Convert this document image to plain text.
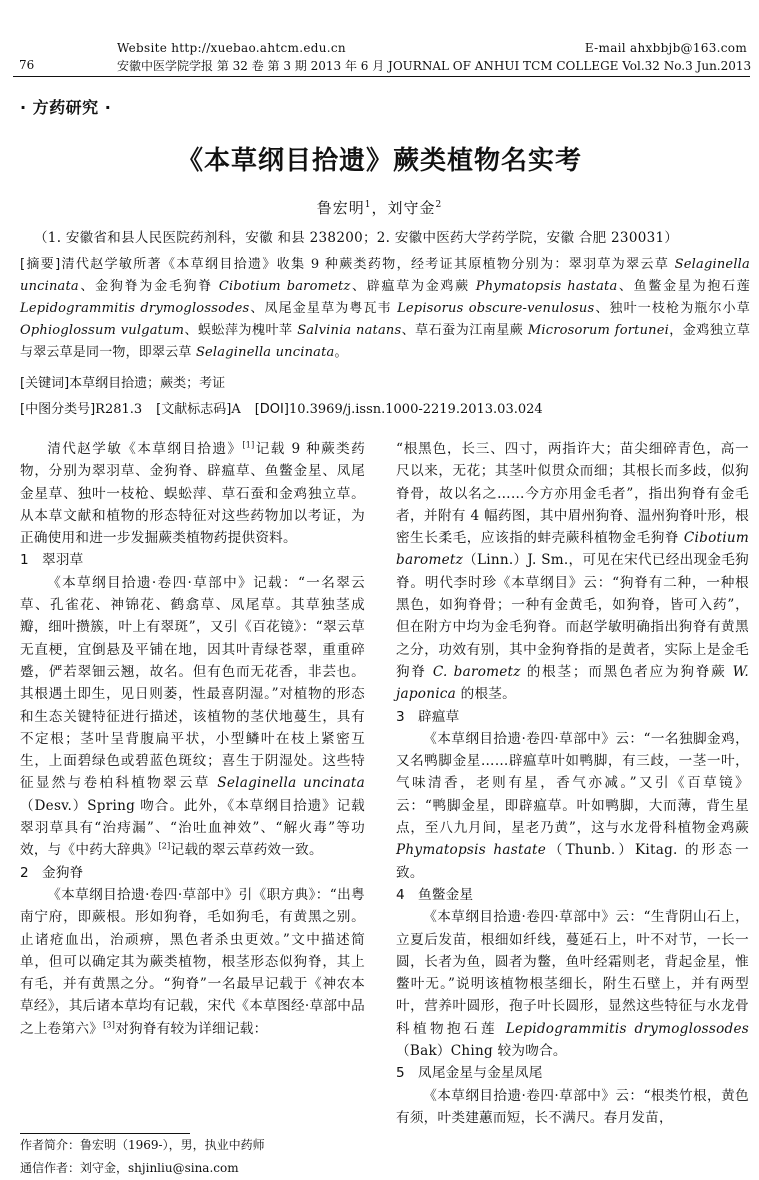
Website http://xuebao.ahtcm.edu.cn	E-mail ahxbbjb@163.com
76	安徽中医学院学报 第 32 卷 第 3 期 2013 年 6 月 JOURNAL OF ANHUI TCM COLLEGE Vol.32 No.3 Jun.2013
· 方药研究 ·
《本草纲目拾遗》蕨类植物名实考
鲁宏明$^1$，刘守金$^2$
（1. 安徽省和县人民医院药剂科，安徽 和县 238200；2. 安徽中医药大学药学院，安徽 合肥 230031）
[摘要]清代赵学敏所著《本草纲目拾遗》收集 9 种蕨类药物，经考证其原植物分别为：翠羽草为翠云草 Selaginella uncinata、金狗脊为金毛狗脊 Cibotium barometz、辟瘟草为金鸡蕨 Phymatopsis hastata、鱼鳖金星为抱石莲 Lepidogrammitis drymoglossodes、凤尾金星草为粤瓦韦 Lepisorus obscure-venulosus、独叶一枝枪为瓶尔小草 Ophioglossum vulgatum、蜈蚣萍为槐叶苹 Salvinia natans、草石蚕为江南星蕨 Microsorum fortunei，金鸡独立草与翠云草是同一物，即翠云草 Selaginella uncinata。
[关键词]本草纲目拾遗；蕨类；考证
[中图分类号]R281.3 [文献标志码]A [DOI]10.3969/j.issn.1000-2219.2013.03.024

清代赵学敏《本草纲目拾遗》[1]记载 9 种蕨类药物，分别为翠羽草、金狗脊、辟瘟草、鱼鳖金星、凤尾金星草、独叶一枝枪、蜈蚣萍、草石蚕和金鸡独立草。从本草文献和植物的形态特征对这些药物加以考证，为正确使用和进一步发掘蕨类植物药提供资料。

1 翠羽草

《本草纲目拾遗·卷四·草部中》记载：“一名翠云草、孔雀花、神锦花、鹤翕草、凤尾草。其草独茎成瓣，细叶攒簇，叶上有翠斑”，又引《百花镜》：“翠云草无直梗，宜倒悬及平铺在地，因其叶青绿苍翠，重重碎蹙，俨若翠钿云翘，故名。但有色而无花香，非芸也。其根遇土即生，见日则萎，性最喜阴湿。”对植物的形态和生态关键特征进行描述，该植物的茎伏地蔓生，具有不定根；茎叶呈背腹扁平状，小型鳞叶在枝上紧密互生，上面碧绿色或碧蓝色斑纹；喜生于阴湿处。这些特征显然与卷柏科植物翠云草 Selaginella uncinata（Desv.）Spring 吻合。此外，《本草纲目拾遗》记载翠羽草具有“治痔漏”、“治吐血神效”、“解火毒”等功效，与《中药大辞典》[2]记载的翠云草药效一致。

2 金狗脊

《本草纲目拾遗·卷四·草部中》引《职方典》：“出粤南宁府，即蕨根。形如狗脊，毛如狗毛，有黄黑之别。止诸疮血出，治顽痹，黑色者杀虫更效。”文中描述简单，但可以确定其为蕨类植物，根茎形态似狗脊，其上有毛，并有黄黑之分。“狗脊”一名最早记载于《神农本草经》，其后诸本草均有记载，宋代《本草图经·草部中品之上卷第六》[3]对狗脊有较为详细记载：

“根黑色，长三、四寸，两指许大；苗尖细碎青色，高一尺以来，无花；其茎叶似贯众而细；其根长而多歧，似狗脊骨，故以名之……今方亦用金毛者”，指出狗脊有金毛者，并附有 4 幅药图，其中眉州狗脊、温州狗脊叶形，根密生长柔毛，应该指的蚌壳蕨科植物金毛狗脊 Cibotium barometz（Linn.）J. Sm.，可见在宋代已经出现金毛狗脊。明代李时珍《本草纲目》云：“狗脊有二种，一种根黑色，如狗脊骨；一种有金黄毛，如狗脊，皆可入药”，但在附方中均为金毛狗脊。而赵学敏明确指出狗脊有黄黑之分，功效有别，其中金狗脊指的是黄者，实际上是金毛狗脊 C. barometz 的根茎；而黑色者应为狗脊蕨 W. japonica 的根茎。

3 辟瘟草

《本草纲目拾遗·卷四·草部中》云：“一名独脚金鸡，又名鸭脚金星……辟瘟草叶如鸭脚，有三歧，一茎一叶，气味清香，老则有星，香气亦减。”又引《百草镜》云：“鸭脚金星，即辟瘟草。叶如鸭脚，大而薄，背生星点，至八九月间，星老乃黄”，这与水龙骨科植物金鸡蕨 Phymatopsis hastate（Thunb.）Kitag. 的形态一致。

4 鱼鳖金星

《本草纲目拾遗·卷四·草部中》云：“生背阴山石上，立夏后发苗，根细如纤线，蔓延石上，叶不对节，一长一圆，长者为鱼，圆者为鳖，鱼叶经霜则老，背起金星，惟鳖叶无。”说明该植物根茎细长，附生石壁上，并有两型叶，营养叶圆形，孢子叶长圆形，显然这些特征与水龙骨科植物抱石莲 Lepidogrammitis drymoglossodes（Bak）Ching 较为吻合。

5 凤尾金星与金星凤尾

《本草纲目拾遗·卷四·草部中》云：“根类竹根，黄色有须，叶类建蕙而短，长不满尺。春月发苗，

作者简介：鲁宏明（1969-），男，执业中药师
通信作者：刘守金，shjinliu@sina.com
